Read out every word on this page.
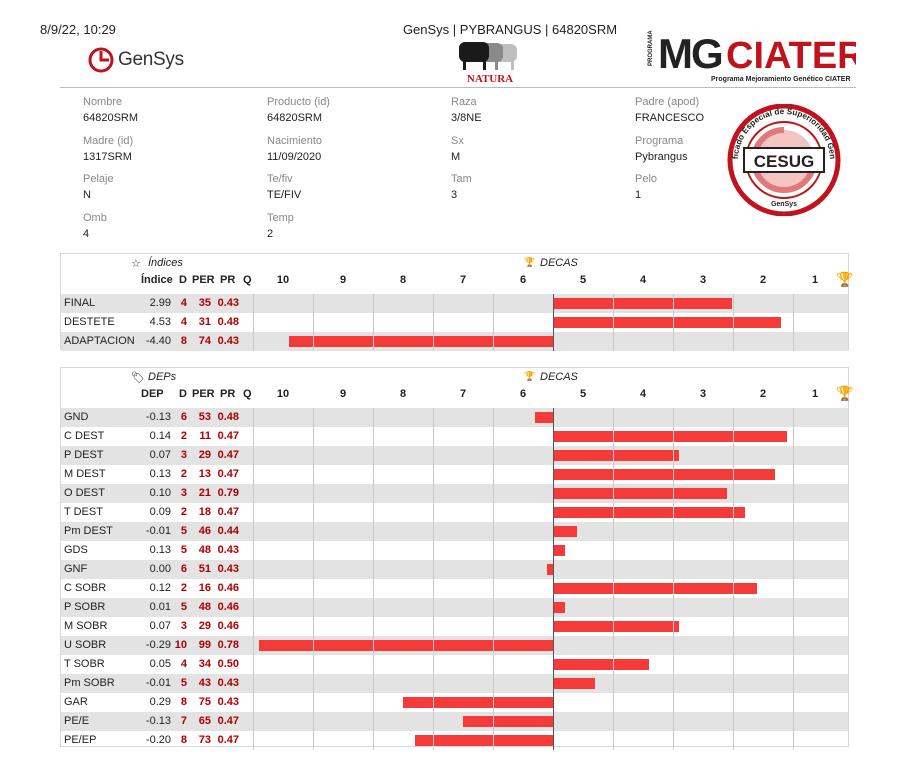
8/9/22, 10:29	GenSys | PYBRANGUS | 64820SRM
GenSys
NATURA
PROGRAMA MG CIATER
Programa Mejoramiento Genético CIATER
Nombre
64820SRM
Producto (id)
64820SRM
Raza
3/8NE
Padre (apod)
FRANCESCO
Madre (id)
1317SRM
Nacimiento
11/09/2020
Sx
M
Programa
Pybrangus
Pelaje
N
Te/fiv
TE/FIV
Tam
3
Pelo
1
Omb
4
Temp
2
CESUG
ficado Especial de Superioridad Gen
GenSys
☆ Índices	🏆 DECAS
Índice D PER PR Q	10	9	8	7	6	5	4	3	2	1	🏆
FINAL	2.99 4 35 0.43
DESTETE	4.53 4 31 0.48
ADAPTACION -4.40 8 74 0.43
🏷 DEPs	🏆 DECAS
DEP D PER PR Q	10	9	8	7	6	5	4	3	2	1	🏆
GND	-0.13 6 53 0.48
C DEST	0.14 2 11 0.47
P DEST	0.07 3 29 0.47
M DEST	0.13 2 13 0.47
O DEST	0.10 3 21 0.79
T DEST	0.09 2 18 0.47
Pm DEST	-0.01 5 46 0.44
GDS	0.13 5 48 0.43
GNF	0.00 6 51 0.43
C SOBR	0.12 2 16 0.46
P SOBR	0.01 5 48 0.46
M SOBR	0.07 3 29 0.46
U SOBR	-0.29 10 99 0.78
T SOBR	0.05 4 34 0.50
Pm SOBR	-0.01 5 43 0.43
GAR	0.29 8 75 0.43
PE/E	-0.13 7 65 0.47
PE/EP	-0.20 8 73 0.47
